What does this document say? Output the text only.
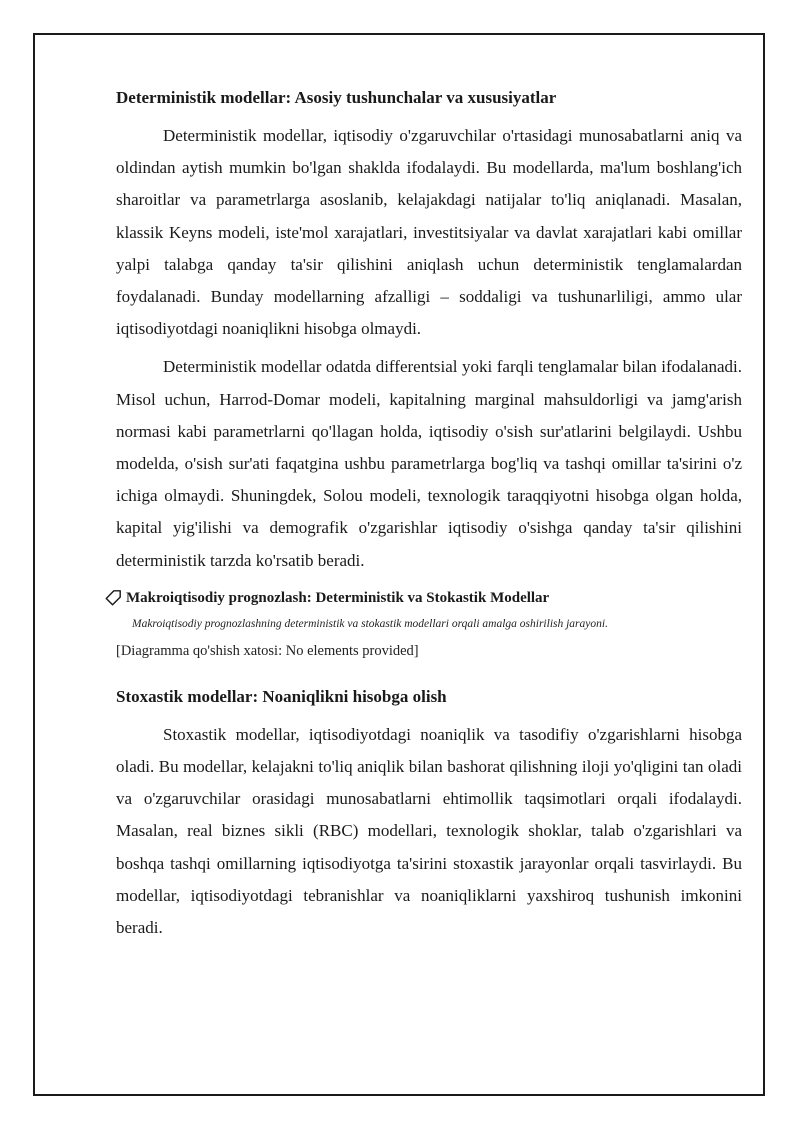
Deterministik modellar: Asosiy tushunchalar va xususiyatlar

Deterministik modellar, iqtisodiy o'zgaruvchilar o'rtasidagi munosabatlarni aniq va oldindan aytish mumkin bo'lgan shaklda ifodalaydi. Bu modellarda, ma'lum boshlang'ich sharoitlar va parametrlarga asoslanib, kelajakdagi natijalar to'liq aniqlanadi. Masalan, klassik Keyns modeli, iste'mol xarajatlari, investitsiyalar va davlat xarajatlari kabi omillar yalpi talabga qanday ta'sir qilishini aniqlash uchun deterministik tenglamalardan foydalanadi. Bunday modellarning afzalligi – soddaligi va tushunarliligi, ammo ular iqtisodiyotdagi noaniqlikni hisobga olmaydi.

Deterministik modellar odatda differentsial yoki farqli tenglamalar bilan ifodalanadi. Misol uchun, Harrod-Domar modeli, kapitalning marginal mahsuldorligi va jamg'arish normasi kabi parametrlarni qo'llagan holda, iqtisodiy o'sish sur'atlarini belgilaydi. Ushbu modelda, o'sish sur'ati faqatgina ushbu parametrlarga bog'liq va tashqi omillar ta'sirini o'z ichiga olmaydi. Shuningdek, Solou modeli, texnologik taraqqiyotni hisobga olgan holda, kapital yig'ilishi va demografik o'zgarishlar iqtisodiy o'sishga qanday ta'sir qilishini deterministik tarzda ko'rsatib beradi.

Makroiqtisodiy prognozlash: Deterministik va Stokastik Modellar
Makroiqtisodiy prognozlashning deterministik va stokastik modellari orqali amalga oshirilish jarayoni.
[Diagramma qo'shish xatosi: No elements provided]
Stoxastik modellar: Noaniqlikni hisobga olish

Stoxastik modellar, iqtisodiyotdagi noaniqlik va tasodifiy o'zgarishlarni hisobga oladi. Bu modellar, kelajakni to'liq aniqlik bilan bashorat qilishning iloji yo'qligini tan oladi va o'zgaruvchilar orasidagi munosabatlarni ehtimollik taqsimotlari orqali ifodalaydi. Masalan, real biznes sikli (RBC) modellari, texnologik shoklar, talab o'zgarishlari va boshqa tashqi omillarning iqtisodiyotga ta'sirini stoxastik jarayonlar orqali tasvirlaydi. Bu modellar, iqtisodiyotdagi tebranishlar va noaniqliklarni yaxshiroq tushunish imkonini beradi.
